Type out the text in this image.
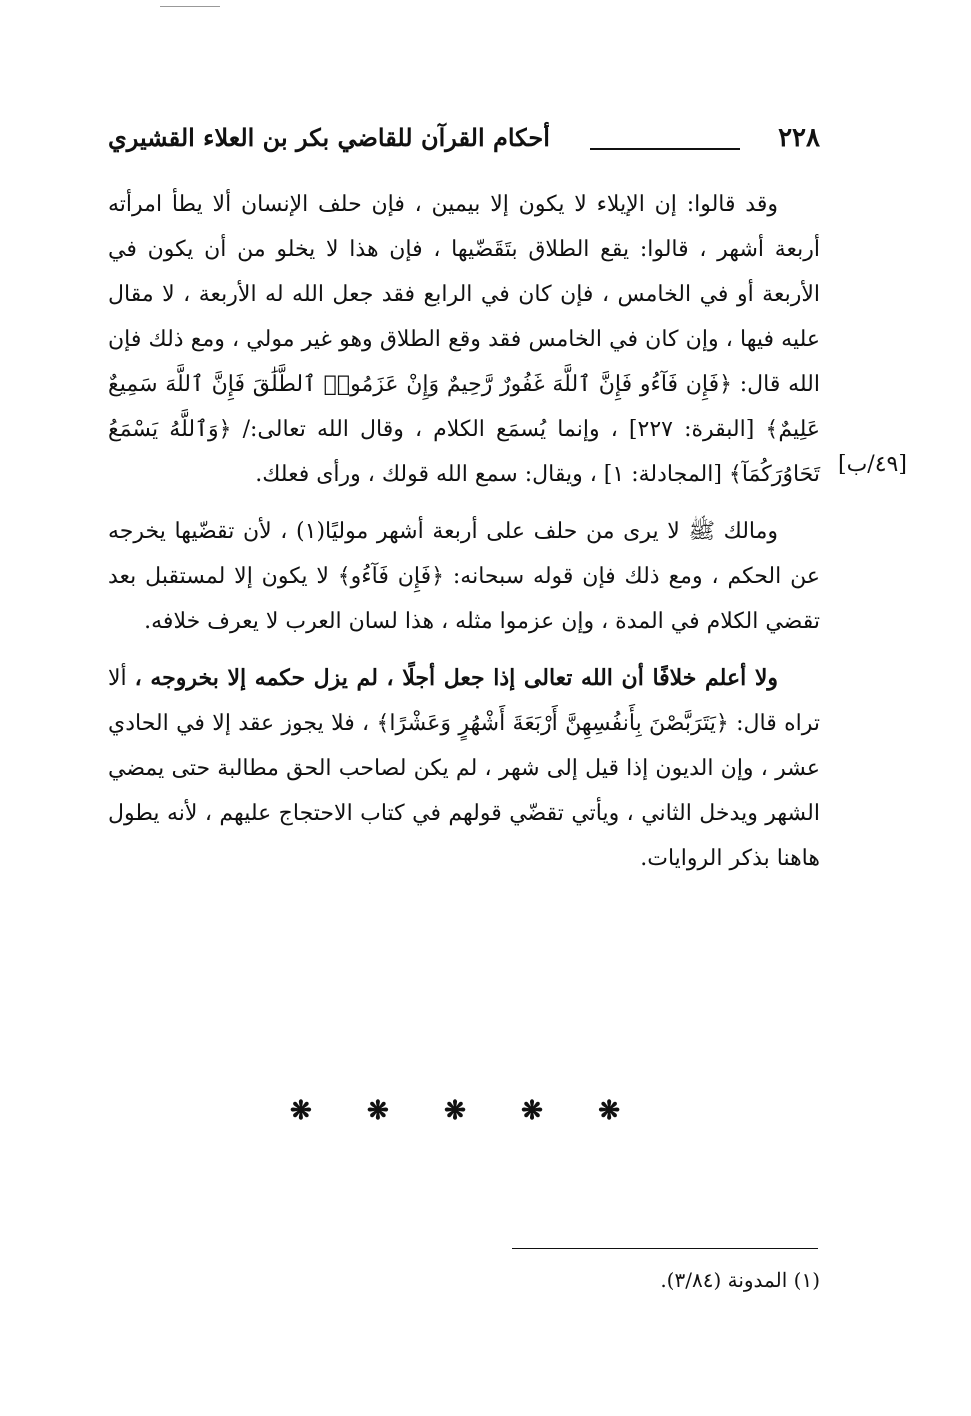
٢٢٨
أحكام القرآن للقاضي بكر بن العلاء القشيري

وقد قالوا: إن الإيلاء لا يكون إلا بيمين ، فإن حلف الإنسان ألا يطأ امرأته أربعة أشهر ، قالوا: يقع الطلاق بتَقَضّيها ، فإن هذا لا يخلو من أن يكون في الأربعة أو في الخامس ، فإن كان في الرابع فقد جعل الله له الأربعة ، لا مقال عليه فيها ، وإن كان في الخامس فقد وقع الطلاق وهو غير مولي ، ومع ذلك فإن الله قال: ﴿فَإِن فَآءُو فَإِنَّ ٱللَّهَ غَفُورٌ رَّحِيمٌ وَإِنْ عَزَمُوا۟ ٱلطَّلَٰقَ فَإِنَّ ٱللَّهَ سَمِيعٌ عَلِيمٌ﴾ [البقرة: ٢٢٧] ، وإنما يُسمَع الكلام ، وقال الله تعالى:/ ﴿وَٱللَّهُ يَسْمَعُ تَحَاوُرَكُمَآ﴾ [المجادلة: ١] ، ويقال: سمع الله قولك ، ورأى فعلك.

ومالك ﷺ لا يرى من حلف على أربعة أشهر موليًا(١) ، لأن تقضّيها يخرجه عن الحكم ، ومع ذلك فإن قوله سبحانه: ﴿فَإِن فَآءُو﴾ لا يكون إلا لمستقبل بعد تقضي الكلام في المدة ، وإن عزموا مثله ، هذا لسان العرب لا يعرف خلافه.

ولا أعلم خلافًا أن الله تعالى إذا جعل أجلًا ، لم يزل حكمه إلا بخروجه ، ألا تراه قال: ﴿يَتَرَبَّصْنَ بِأَنفُسِهِنَّ أَرْبَعَةَ أَشْهُرٍ وَعَشْرًا﴾ ، فلا يجوز عقد إلا في الحادي عشر ، وإن الديون إذا قيل إلى شهر ، لم يكن لصاحب الحق مطالبة حتى يمضي الشهر ويدخل الثاني ، ويأتي تقضّي قولهم في كتاب الاحتجاج عليهم ، لأنه يطول هاهنا بذكر الروايات.

[٤٩/ب]
❋ ❋ ❋ ❋ ❋
(١) المدونة (٣/٨٤).
